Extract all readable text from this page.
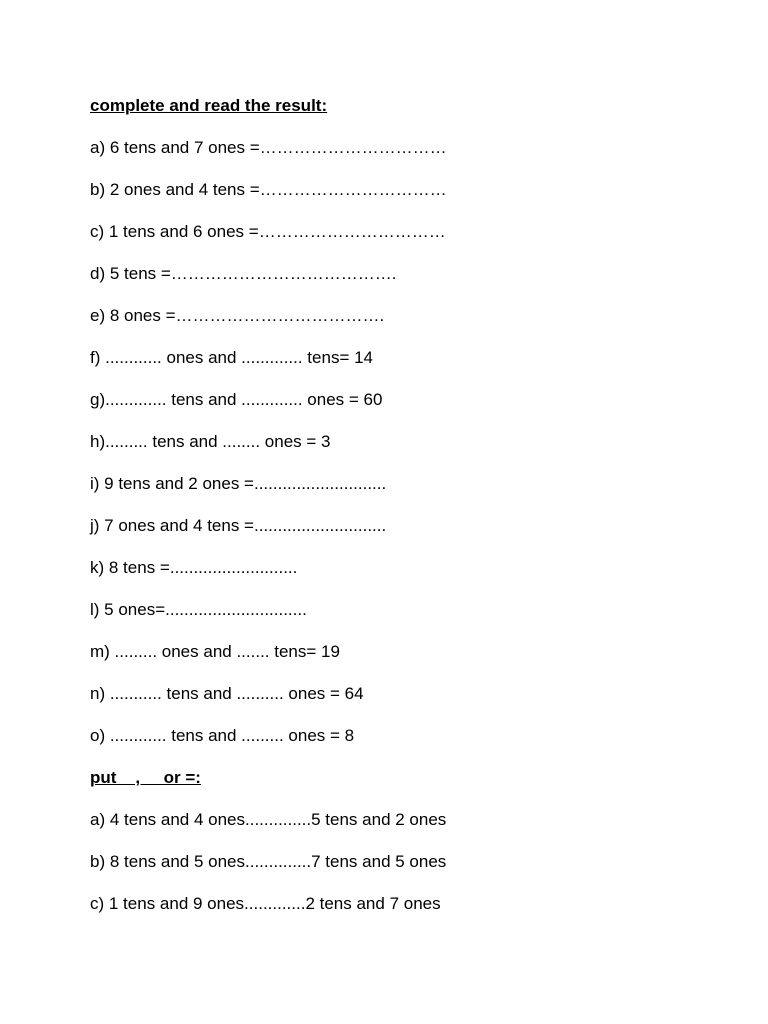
complete and read the result:
a) 6 tens and 7 ones =……………………………
b) 2 ones and 4 tens =……………………………
c) 1 tens and 6 ones =……………………………
d) 5 tens =………………………………….
e) 8 ones =……………………………….
f) ............ ones and ............. tens= 14
g)............. tens and ............. ones = 60
h)......... tens and ........ ones = 3
i) 9 tens and 2 ones =............................
j) 7 ones and 4 tens =............................
k) 8 tens =...........................
l) 5 ones=..............................
m) ......... ones and ....... tens= 19
n) ........... tens and .......... ones = 64
o) ............ tens and ......... ones = 8
put    ,     or =:
a) 4 tens and 4 ones..............5 tens and 2 ones
b) 8 tens and 5 ones..............7 tens and 5 ones
c) 1 tens and 9 ones.............2 tens and 7 ones
